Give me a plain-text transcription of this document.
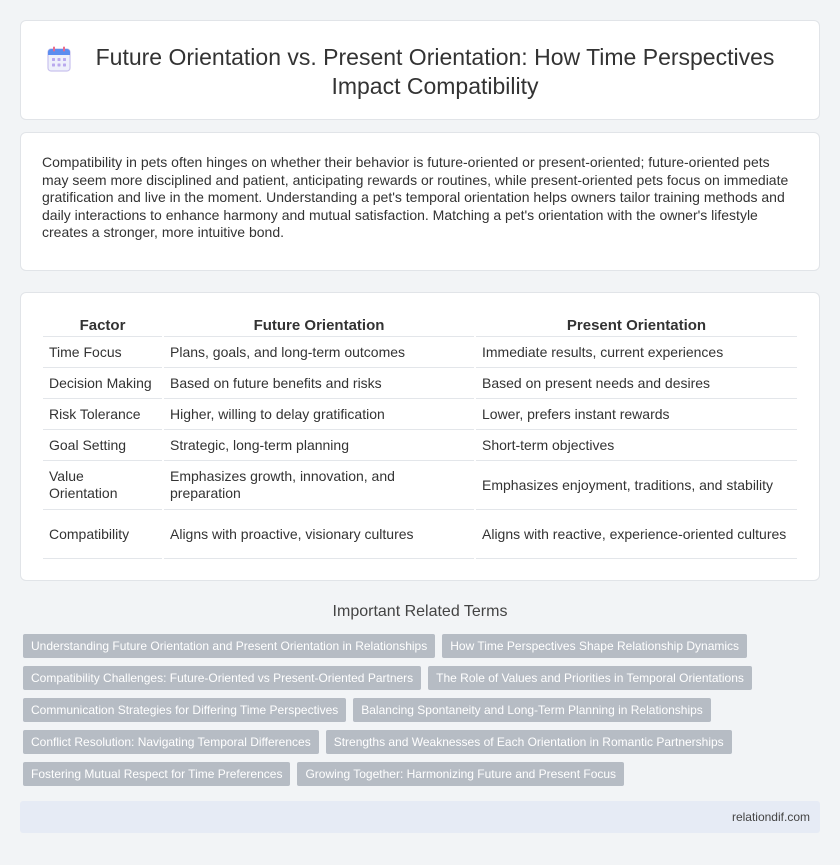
Future Orientation vs. Present Orientation: How Time Perspectives Impact Compatibility

Compatibility in pets often hinges on whether their behavior is future-oriented or present-oriented; future-oriented pets may seem more disciplined and patient, anticipating rewards or routines, while present-oriented pets focus on immediate gratification and live in the moment. Understanding a pet's temporal orientation helps owners tailor training methods and daily interactions to enhance harmony and mutual satisfaction. Matching a pet's orientation with the owner's lifestyle creates a stronger, more intuitive bond.

Factor	Future Orientation	Present Orientation
Time Focus	Plans, goals, and long-term outcomes	Immediate results, current experiences
Decision Making	Based on future benefits and risks	Based on present needs and desires
Risk Tolerance	Higher, willing to delay gratification	Lower, prefers instant rewards
Goal Setting	Strategic, long-term planning	Short-term objectives
Value Orientation	Emphasizes growth, innovation, and preparation	Emphasizes enjoyment, traditions, and stability
Compatibility	Aligns with proactive, visionary cultures	Aligns with reactive, experience-oriented cultures
Important Related Terms
Understanding Future Orientation and Present Orientation in Relationships	How Time Perspectives Shape Relationship Dynamics
Compatibility Challenges: Future-Oriented vs Present-Oriented Partners	The Role of Values and Priorities in Temporal Orientations
Communication Strategies for Differing Time Perspectives	Balancing Spontaneity and Long-Term Planning in Relationships
Conflict Resolution: Navigating Temporal Differences	Strengths and Weaknesses of Each Orientation in Romantic Partnerships
Fostering Mutual Respect for Time Preferences	Growing Together: Harmonizing Future and Present Focus
relationdif.com
